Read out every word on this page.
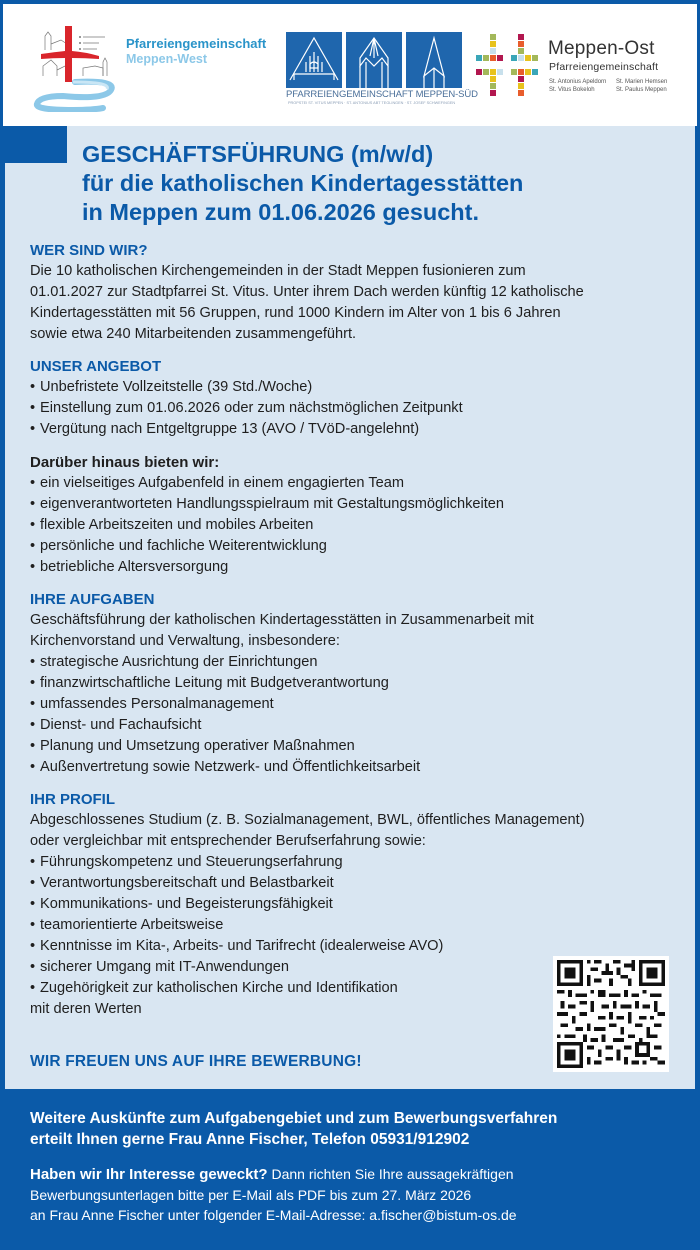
Pfarreiengemeinschaft
Meppen-West
PFARREIENGEMEINSCHAFT MEPPEN-SÜD
PROPSTEI ST. VITUS MEPPEN · ST. ANTONIUS ABT TEGLINGEN · ST. JOSEF SCHWEFINGEN
Meppen-Ost
Pfarreiengemeinschaft
St. Antonius Apeldorn St. Marien Hemsen
St. Vitus Bokeloh	St. Paulus Meppen
GESCHÄFTSFÜHRUNG (m/w/d)
für die katholischen Kindertagesstätten
in Meppen zum 01.06.2026 gesucht.
WER SIND WIR?
Die 10 katholischen Kirchengemeinden in der Stadt Meppen fusionieren zum
01.01.2027 zur Stadtpfarrei St. Vitus. Unter ihrem Dach werden künftig 12 katholische
Kindertagesstätten mit 56 Gruppen, rund 1000 Kindern im Alter von 1 bis 6 Jahren
sowie etwa 240 Mitarbeitenden zusammengeführt.
UNSER ANGEBOT
• Unbefristete Vollzeitstelle (39 Std./Woche)
• Einstellung zum 01.06.2026 oder zum nächstmöglichen Zeitpunkt
• Vergütung nach Entgeltgruppe 13 (AVO / TVöD-angelehnt)
Darüber hinaus bieten wir:
• ein vielseitiges Aufgabenfeld in einem engagierten Team
• eigenverantworteten Handlungsspielraum mit Gestaltungsmöglichkeiten
• flexible Arbeitszeiten und mobiles Arbeiten
• persönliche und fachliche Weiterentwicklung
• betriebliche Altersversorgung
IHRE AUFGABEN
Geschäftsführung der katholischen Kindertagesstätten in Zusammenarbeit mit
Kirchenvorstand und Verwaltung, insbesondere:
• strategische Ausrichtung der Einrichtungen
• finanzwirtschaftliche Leitung mit Budgetverantwortung
• umfassendes Personalmanagement
• Dienst- und Fachaufsicht
• Planung und Umsetzung operativer Maßnahmen
• Außenvertretung sowie Netzwerk- und Öffentlichkeitsarbeit
IHR PROFIL
Abgeschlossenes Studium (z. B. Sozialmanagement, BWL, öffentliches Management)
oder vergleichbar mit entsprechender Berufserfahrung sowie:
• Führungskompetenz und Steuerungserfahrung
• Verantwortungsbereitschaft und Belastbarkeit
• Kommunikations- und Begeisterungsfähigkeit
• teamorientierte Arbeitsweise
• Kenntnisse im Kita-, Arbeits- und Tarifrecht (idealerweise AVO)
• sicherer Umgang mit IT-Anwendungen
• Zugehörigkeit zur katholischen Kirche und Identifikation
mit deren Werten
WIR FREUEN UNS AUF IHRE BEWERBUNG!
Weitere Auskünfte zum Aufgabengebiet und zum Bewerbungsverfahren
erteilt Ihnen gerne Frau Anne Fischer, Telefon 05931/912902
Haben wir Ihr Interesse geweckt? Dann richten Sie Ihre aussagekräftigen
Bewerbungsunterlagen bitte per E-Mail als PDF bis zum 27. März 2026
an Frau Anne Fischer unter folgender E-Mail-Adresse: a.fischer@bistum-os.de
